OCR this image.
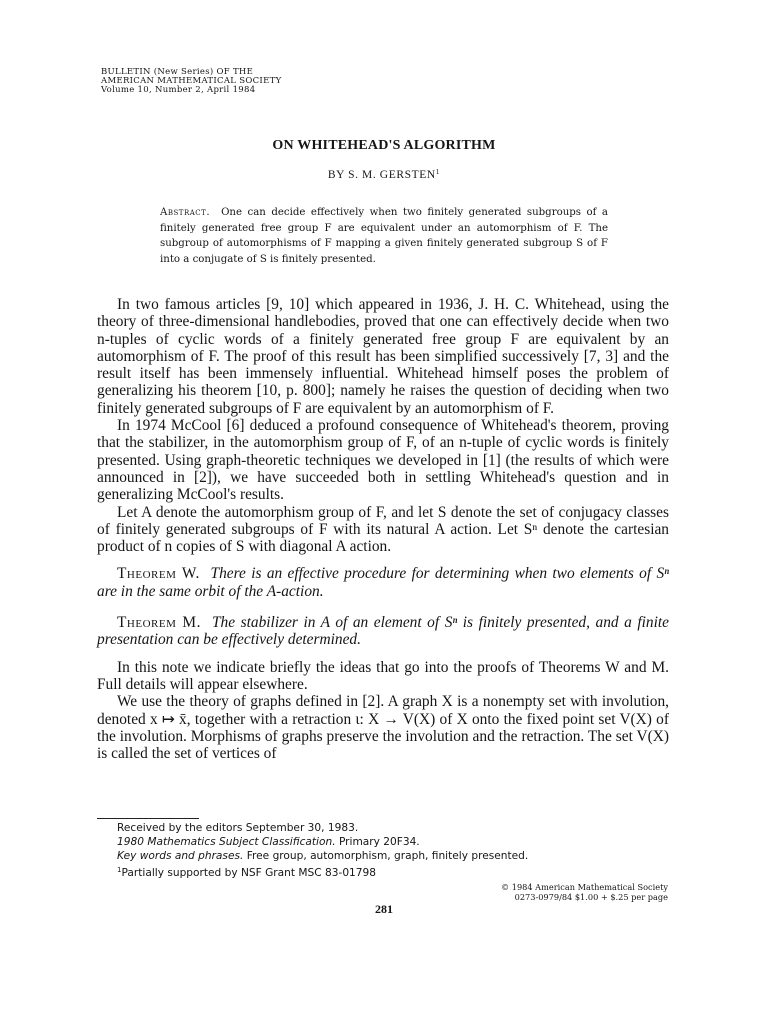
BULLETIN (New Series) OF THE
AMERICAN MATHEMATICAL SOCIETY
Volume 10, Number 2, April 1984
ON WHITEHEAD'S ALGORITHM
BY S. M. GERSTEN$^1$

Abstract. One can decide effectively when two finitely generated subgroups of a finitely generated free group F are equivalent under an automorphism of F. The subgroup of automorphisms of F mapping a given finitely generated subgroup S of F into a conjugate of S is finitely presented.

In two famous articles [9, 10] which appeared in 1936, J. H. C. Whitehead, using the theory of three-dimensional handlebodies, proved that one can effectively decide when two n-tuples of cyclic words of a finitely generated free group F are equivalent by an automorphism of F. The proof of this result has been simplified successively [7, 3] and the result itself has been immensely influential. Whitehead himself poses the problem of generalizing his theorem [10, p. 800]; namely he raises the question of deciding when two finitely generated subgroups of F are equivalent by an automorphism of F.

In 1974 McCool [6] deduced a profound consequence of Whitehead's theorem, proving that the stabilizer, in the automorphism group of F, of an n-tuple of cyclic words is finitely presented. Using graph-theoretic techniques we developed in [1] (the results of which were announced in [2]), we have succeeded both in settling Whitehead's question and in generalizing McCool's results.

Let A denote the automorphism group of F, and let S denote the set of conjugacy classes of finitely generated subgroups of F with its natural A action. Let Sⁿ denote the cartesian product of n copies of S with diagonal A action.

Theorem W. There is an effective procedure for determining when two elements of Sⁿ are in the same orbit of the A-action.

Theorem M. The stabilizer in A of an element of Sⁿ is finitely presented, and a finite presentation can be effectively determined.

In this note we indicate briefly the ideas that go into the proofs of Theorems W and M. Full details will appear elsewhere.

We use the theory of graphs defined in [2]. A graph X is a nonempty set with involution, denoted x ↦ x̄, together with a retraction ι: X → V(X) of X onto the fixed point set V(X) of the involution. Morphisms of graphs preserve the involution and the retraction. The set V(X) is called the set of vertices of

Received by the editors September 30, 1983.
1980 Mathematics Subject Classification. Primary 20F34.
Key words and phrases. Free group, automorphism, graph, finitely presented.
$^1$Partially supported by NSF Grant MSC 83-01798
© 1984 American Mathematical Society
0273-0979/84 $1.00 + $.25 per page
281
